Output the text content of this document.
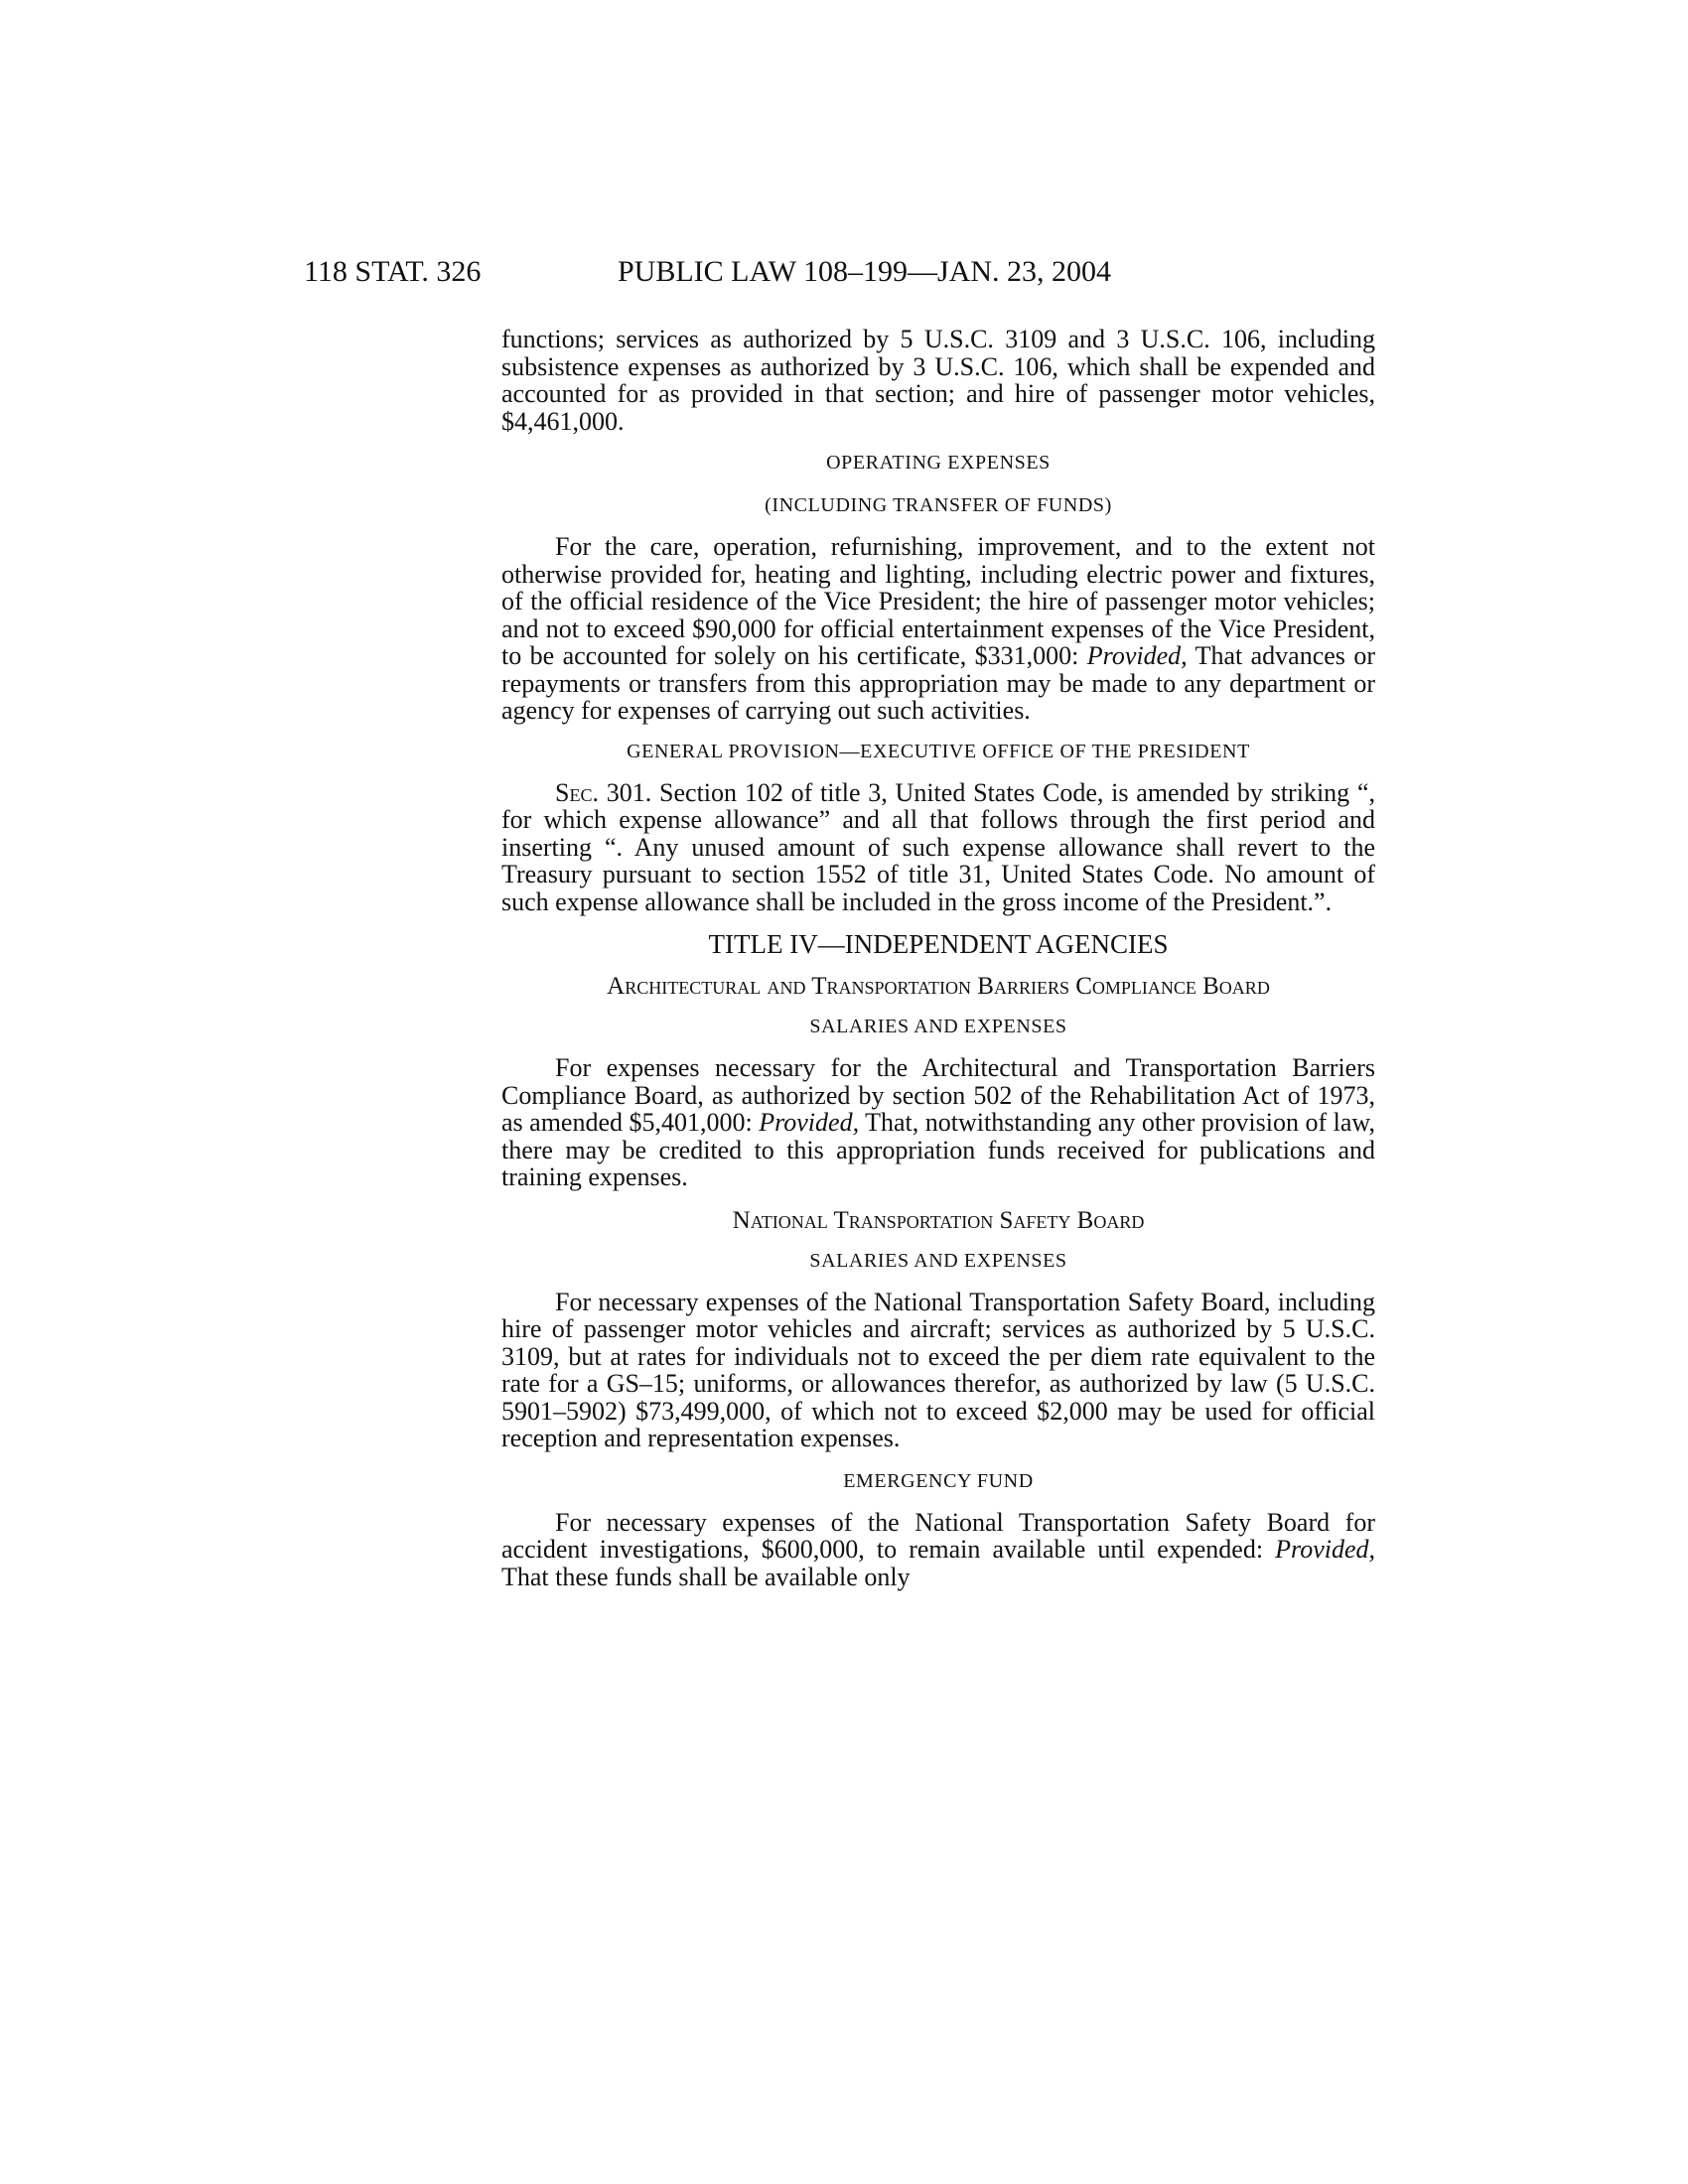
118 STAT. 326	PUBLIC LAW 108–199—JAN. 23, 2004

functions; services as authorized by 5 U.S.C. 3109 and 3 U.S.C. 106, including subsistence expenses as authorized by 3 U.S.C. 106, which shall be expended and accounted for as provided in that section; and hire of passenger motor vehicles, $4,461,000.

OPERATING EXPENSES
(INCLUDING TRANSFER OF FUNDS)

For the care, operation, refurnishing, improvement, and to the extent not otherwise provided for, heating and lighting, including electric power and fixtures, of the official residence of the Vice President; the hire of passenger motor vehicles; and not to exceed $90,000 for official entertainment expenses of the Vice President, to be accounted for solely on his certificate, $331,000: Provided, That advances or repayments or transfers from this appropriation may be made to any department or agency for expenses of carrying out such activities.

GENERAL PROVISION—EXECUTIVE OFFICE OF THE PRESIDENT

Sec. 301. Section 102 of title 3, United States Code, is amended by striking “, for which expense allowance” and all that follows through the first period and inserting “. Any unused amount of such expense allowance shall revert to the Treasury pursuant to section 1552 of title 31, United States Code. No amount of such expense allowance shall be included in the gross income of the President.”.

TITLE IV—INDEPENDENT AGENCIES
Architectural and Transportation Barriers Compliance Board
SALARIES AND EXPENSES

For expenses necessary for the Architectural and Transportation Barriers Compliance Board, as authorized by section 502 of the Rehabilitation Act of 1973, as amended $5,401,000: Provided, That, notwithstanding any other provision of law, there may be credited to this appropriation funds received for publications and training expenses.

National Transportation Safety Board
SALARIES AND EXPENSES

For necessary expenses of the National Transportation Safety Board, including hire of passenger motor vehicles and aircraft; services as authorized by 5 U.S.C. 3109, but at rates for individuals not to exceed the per diem rate equivalent to the rate for a GS–15; uniforms, or allowances therefor, as authorized by law (5 U.S.C. 5901–5902) $73,499,000, of which not to exceed $2,000 may be used for official reception and representation expenses.

EMERGENCY FUND

For necessary expenses of the National Transportation Safety Board for accident investigations, $600,000, to remain available until expended: Provided, That these funds shall be available only
